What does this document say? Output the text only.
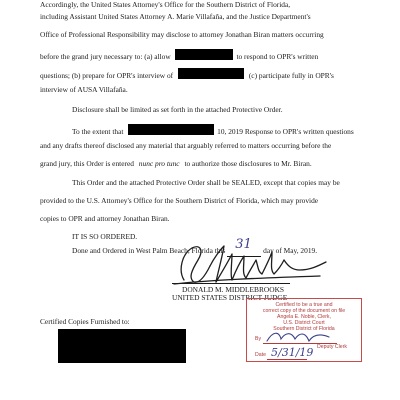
Accordingly, the United States Attorney's Office for the Southern District of Florida,
including Assistant United States Attorney A. Marie Villafaña, and the Justice Department's
Office of Professional Responsibility may disclose to attorney Jonathan Biran matters occurring
before the grand jury necessary to: (a) allow	to respond to OPR's written
questions; (b) prepare for OPR's interview of	(c) participate fully in OPR's
interview of AUSA Villafaña.
Disclosure shall be limited as set forth in the attached Protective Order.
To the extent that	10, 2019 Response to OPR's written questions
and any drafts thereof disclosed any material that arguably referred to matters occurring before the
grand jury, this Order is entered nunc pro tunc to authorize those disclosures to Mr. Biran.
This Order and the attached Protective Order shall be SEALED, except that copies may be
provided to the U.S. Attorney's Office for the Southern District of Florida, which may provide
copies to OPR and attorney Jonathan Biran.
IT IS SO ORDERED.
Done and Ordered in West Palm Beach, Florida this 31 day of May, 2019.
DONALD M. MIDDLEBROOKS
UNITED STATES DISTRICT JUDGE
Certified Copies Furnished to:
Certified to be a true and
correct copy of the document on file
Angela E. Noble, Clerk,
U.S. District Court
Southern District of Florida
By
Deputy Clerk
Date 5/31/19
